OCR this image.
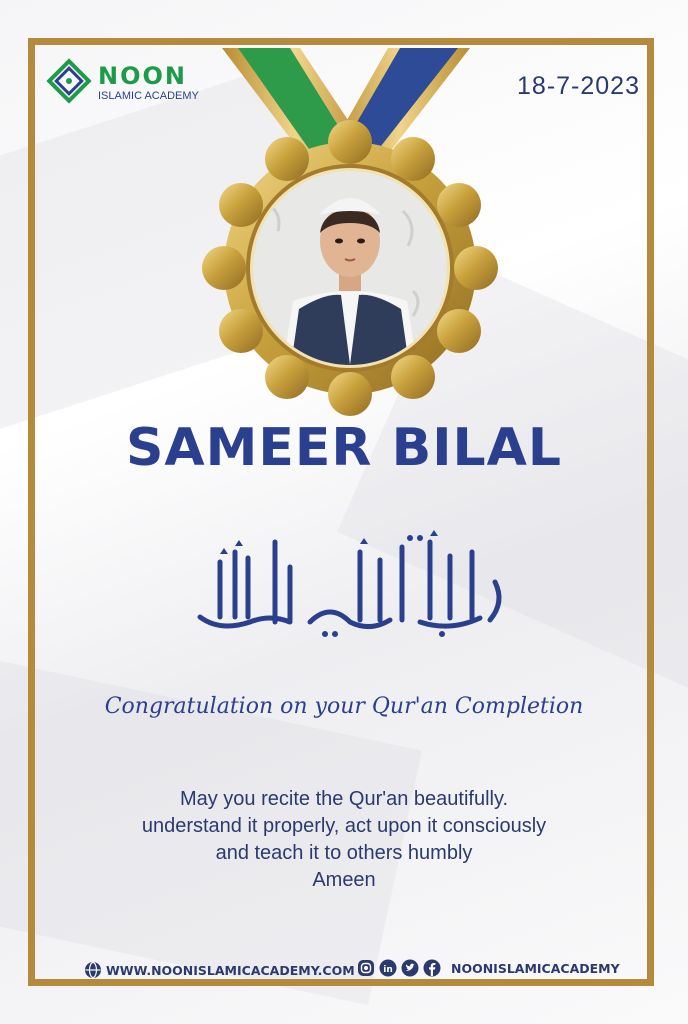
NOON
ISLAMIC ACADEMY	18-7-2023
SAMEER BILAL
Congratulation on your Qur'an Completion
May you recite the Qur'an beautifully.
understand it properly, act upon it consciously
and teach it to others humbly
Ameen
WWW.NOONISLAMICACADEMY.COM	in	NOONISLAMICACADEMY
